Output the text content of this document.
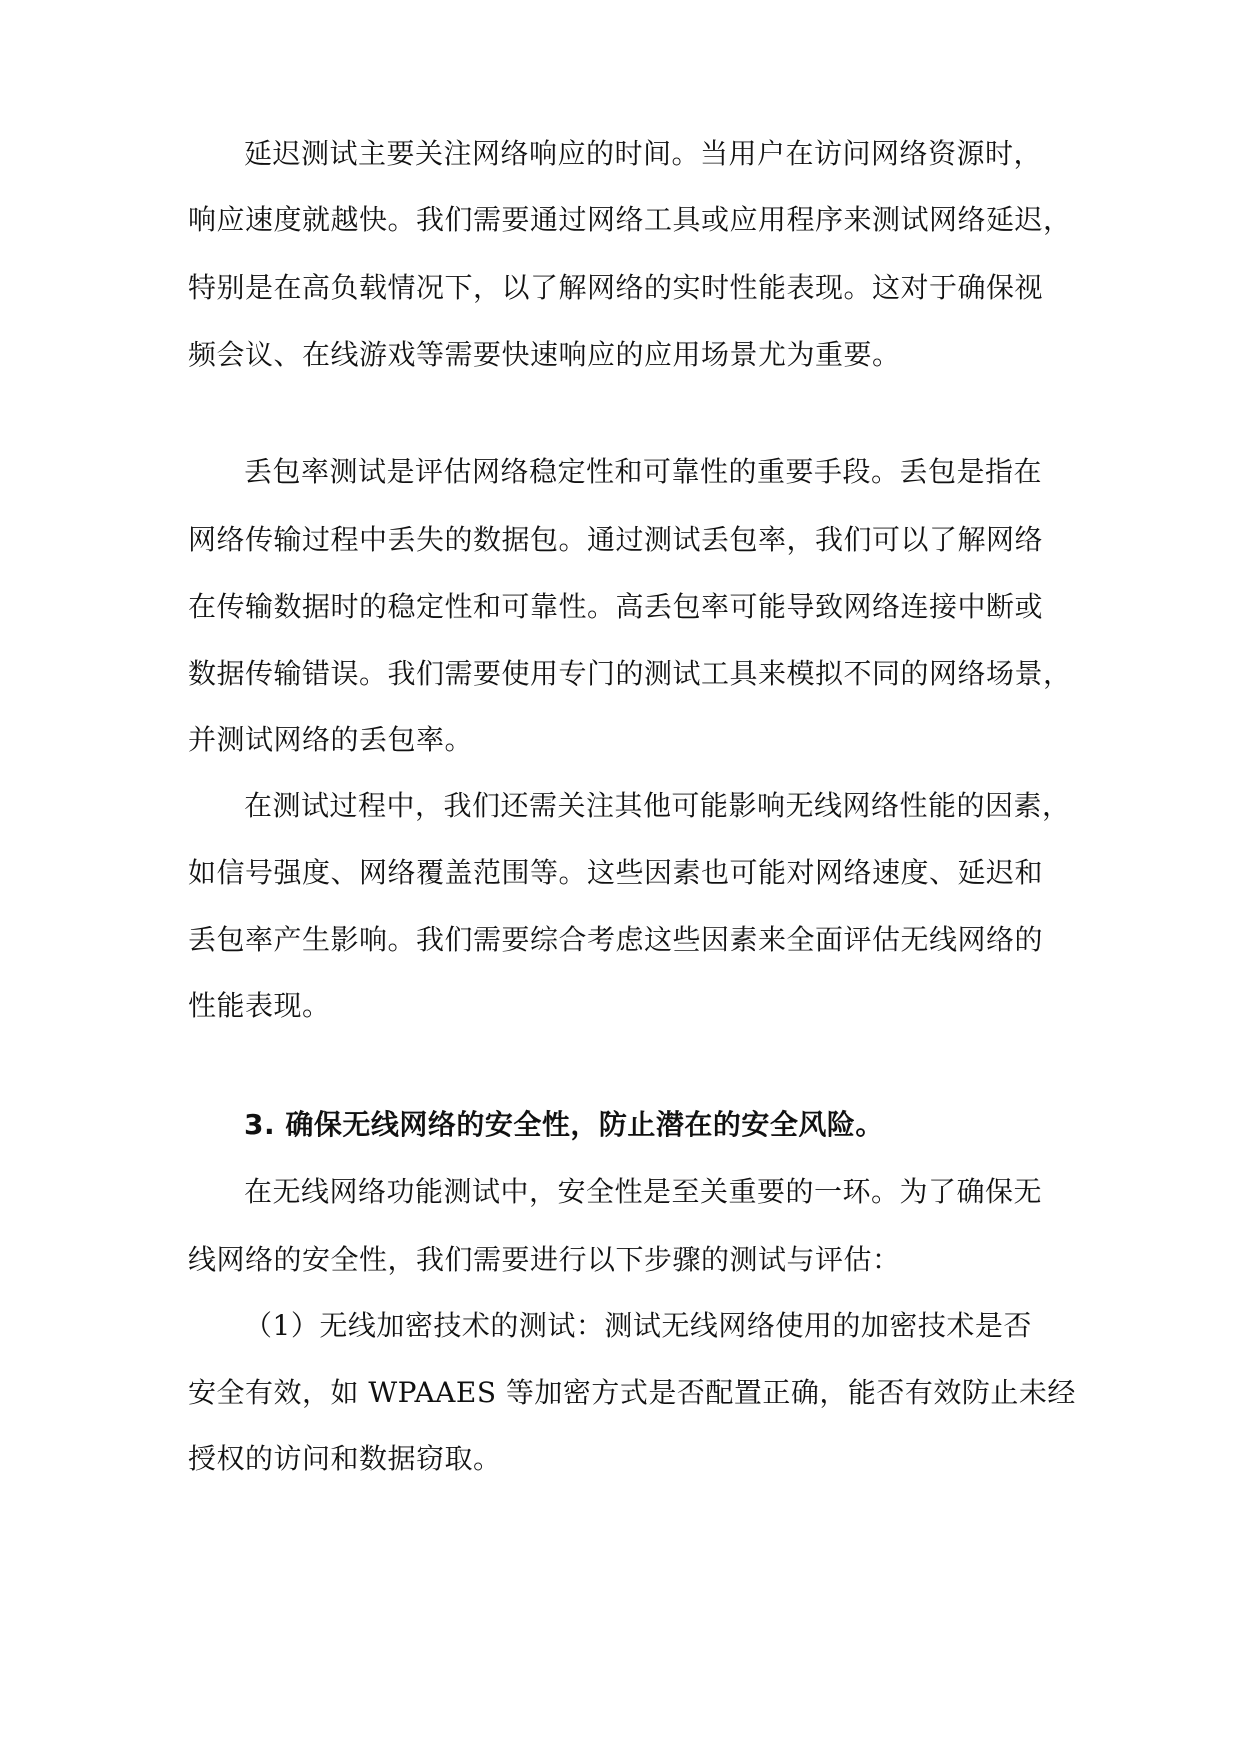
延迟测试主要关注网络响应的时间。当用户在访问网络资源时，
响应速度就越快。我们需要通过网络工具或应用程序来测试网络延迟，
特别是在高负载情况下，以了解网络的实时性能表现。这对于确保视
频会议、在线游戏等需要快速响应的应用场景尤为重要。
丢包率测试是评估网络稳定性和可靠性的重要手段。丢包是指在
网络传输过程中丢失的数据包。通过测试丢包率，我们可以了解网络
在传输数据时的稳定性和可靠性。高丢包率可能导致网络连接中断或
数据传输错误。我们需要使用专门的测试工具来模拟不同的网络场景，
并测试网络的丢包率。
在测试过程中，我们还需关注其他可能影响无线网络性能的因素，
如信号强度、网络覆盖范围等。这些因素也可能对网络速度、延迟和
丢包率产生影响。我们需要综合考虑这些因素来全面评估无线网络的
性能表现。
3. 确保无线网络的安全性，防止潜在的安全风险。
在无线网络功能测试中，安全性是至关重要的一环。为了确保无
线网络的安全性，我们需要进行以下步骤的测试与评估：
（1）无线加密技术的测试：测试无线网络使用的加密技术是否
安全有效，如 WPAAES 等加密方式是否配置正确，能否有效防止未经
授权的访问和数据窃取。
